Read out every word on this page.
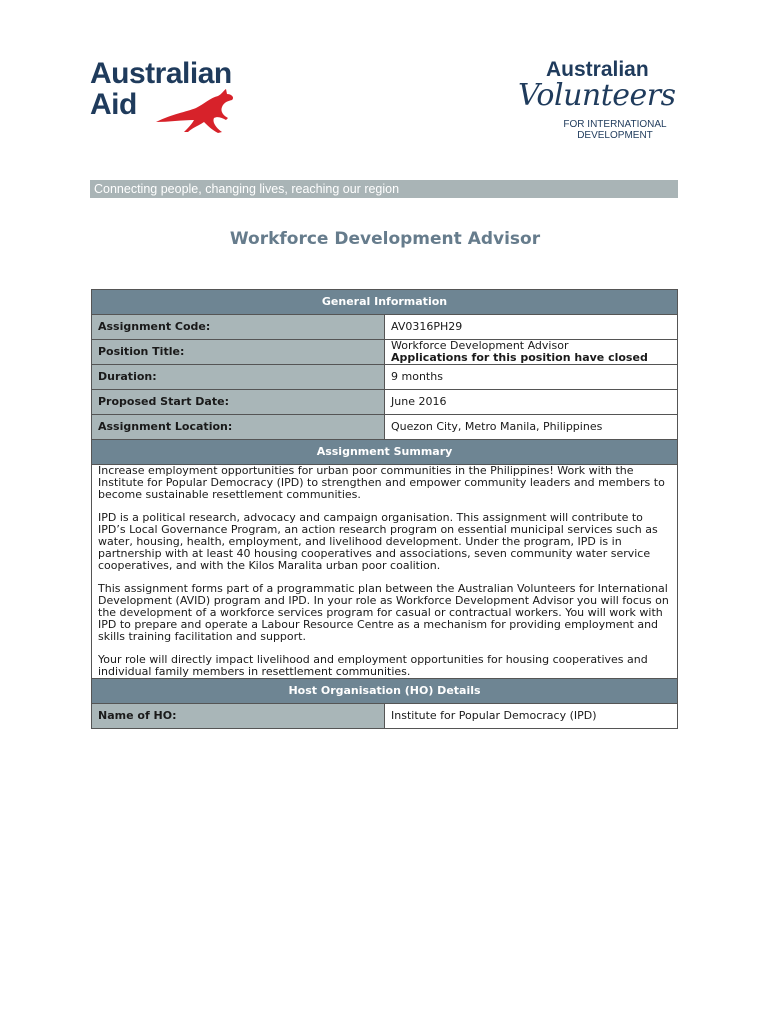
Australian
Aid
Australian
Volunteers
FOR INTERNATIONAL
DEVELOPMENT
Connecting people, changing lives, reaching our region
Workforce Development Advisor
General Information	
Assignment Code:	AV0316PH29
Position Title:	Workforce Development Advisor
Applications for this position have closed

Duration:	9 months
Proposed Start Date:	June 2016
Assignment Location:	Quezon City, Metro Manila, Philippines
Assignment Summary	

Increase employment opportunities for urban poor communities in the Philippines! Work with the Institute for Popular Democracy (IPD) to strengthen and empower community leaders and members to become sustainable resettlement communities.

IPD is a political research, advocacy and campaign organisation. This assignment will contribute to IPD’s Local Governance Program, an action research program on essential municipal services such as water, housing, health, employment, and livelihood development. Under the program, IPD is in partnership with at least 40 housing cooperatives and associations, seven community water service cooperatives, and with the Kilos Maralita urban poor coalition.

This assignment forms part of a programmatic plan between the Australian Volunteers for International Development (AVID) program and IPD. In your role as Workforce Development Advisor you will focus on the development of a workforce services program for casual or contractual workers. You will work with IPD to prepare and operate a Labour Resource Centre as a mechanism for providing employment and skills training facilitation and support.

Your role will directly impact livelihood and employment opportunities for housing cooperatives and individual family members in resettlement communities.	

Host Organisation (HO) Details	
Name of HO:	Institute for Popular Democracy (IPD)
